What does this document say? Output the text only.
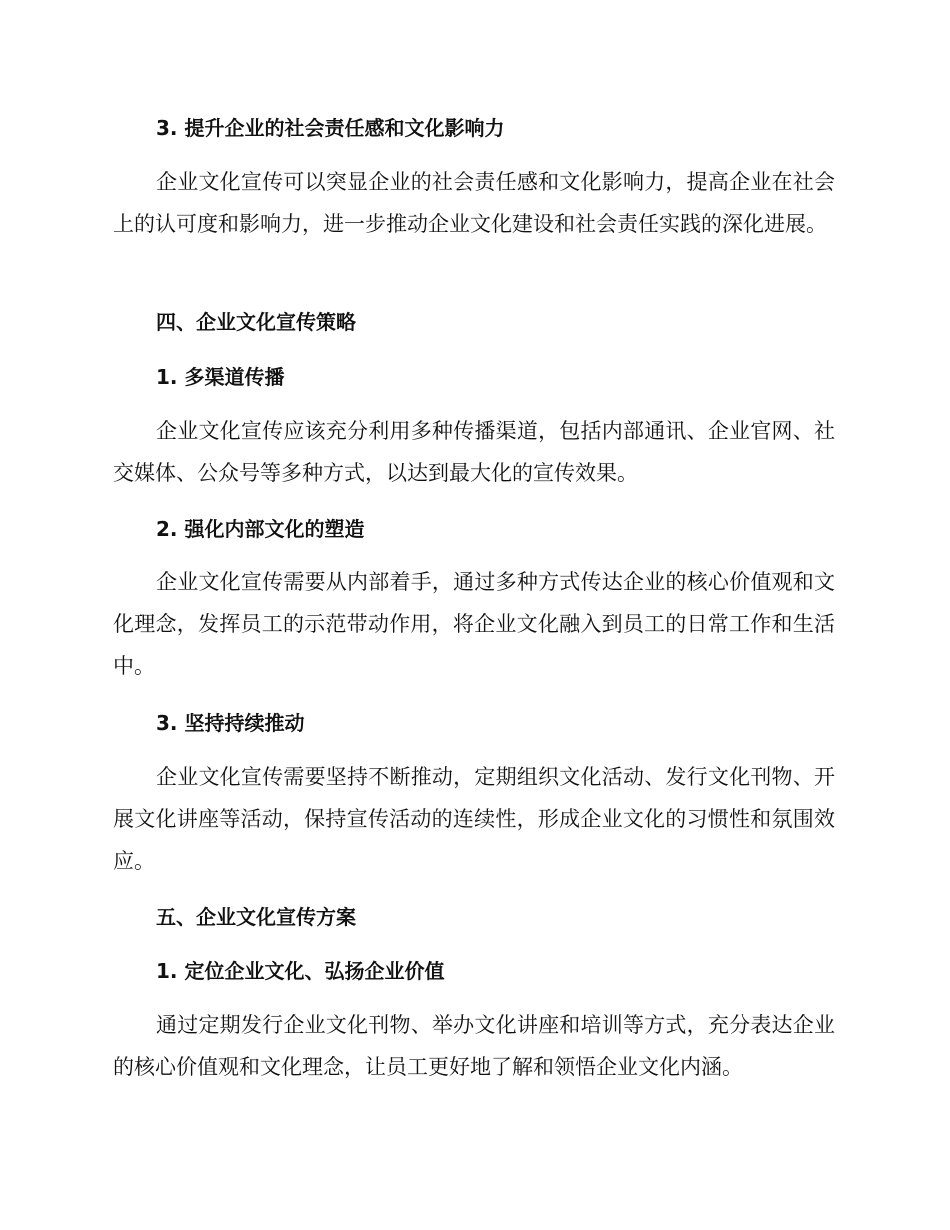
3. 提升企业的社会责任感和文化影响力

企业文化宣传可以突显企业的社会责任感和文化影响力，提高企业在社会上的认可度和影响力，进一步推动企业文化建设和社会责任实践的深化进展。

四、企业文化宣传策略
1. 多渠道传播

企业文化宣传应该充分利用多种传播渠道，包括内部通讯、企业官网、社交媒体、公众号等多种方式，以达到最大化的宣传效果。

2. 强化内部文化的塑造

企业文化宣传需要从内部着手，通过多种方式传达企业的核心价值观和文化理念，发挥员工的示范带动作用，将企业文化融入到员工的日常工作和生活中。

3. 坚持持续推动

企业文化宣传需要坚持不断推动，定期组织文化活动、发行文化刊物、开展文化讲座等活动，保持宣传活动的连续性，形成企业文化的习惯性和氛围效应。

五、企业文化宣传方案
1. 定位企业文化、弘扬企业价值

通过定期发行企业文化刊物、举办文化讲座和培训等方式，充分表达企业的核心价值观和文化理念，让员工更好地了解和领悟企业文化内涵。
